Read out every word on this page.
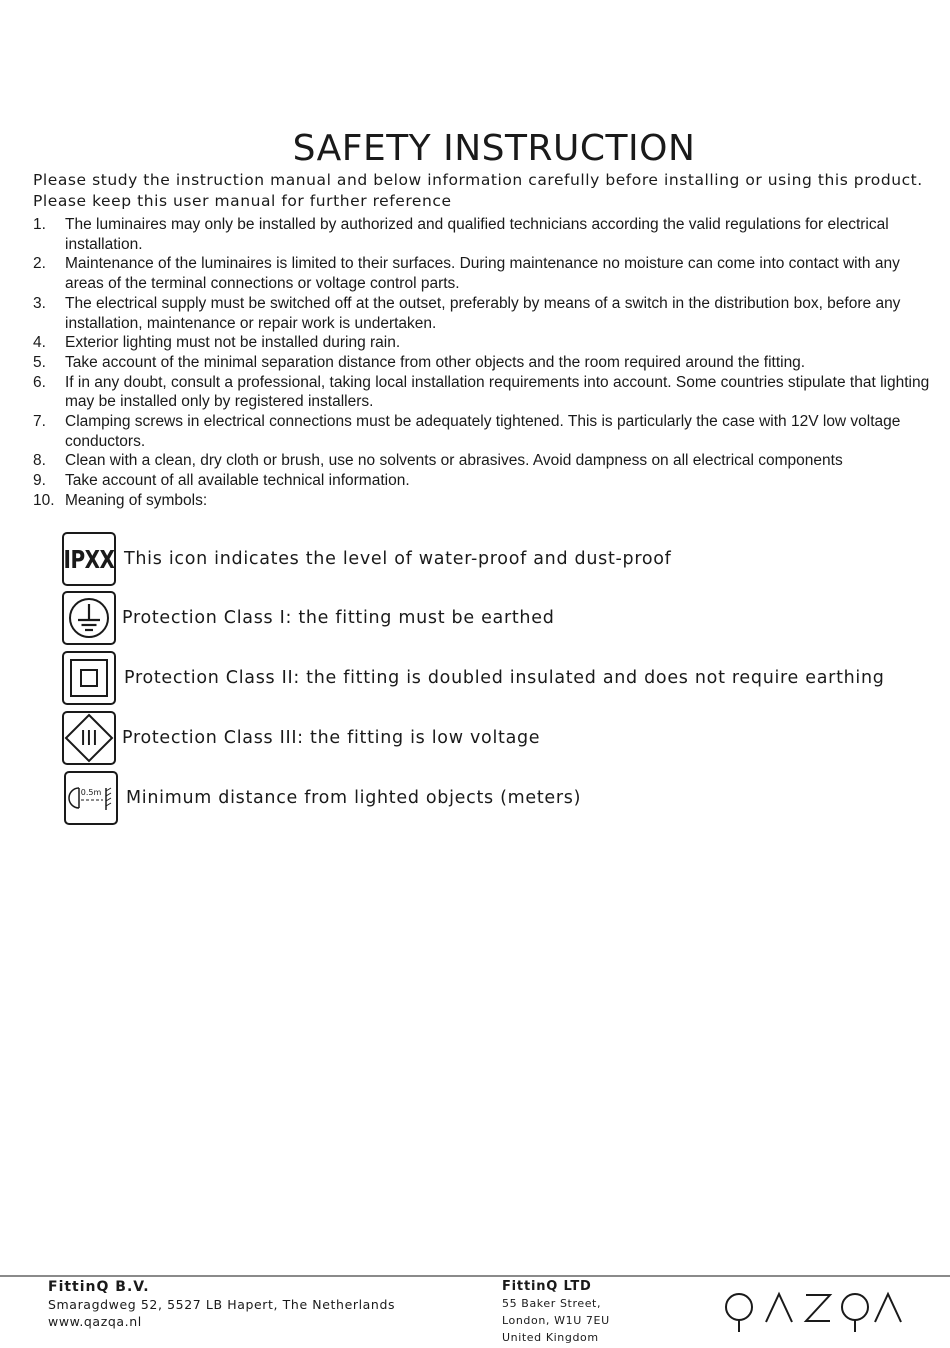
SAFETY INSTRUCTION
Please study the instruction manual and below information carefully before installing or using this product.
Please keep this user manual for further reference
1. The luminaires may only be installed by authorized and qualified technicians according the valid regulations for electrical installation.
2. Maintenance of the luminaires is limited to their surfaces. During maintenance no moisture can come into contact with any areas of the terminal connections or voltage control parts.
3. The electrical supply must be switched off at the outset, preferably by means of a switch in the distribution box, before any installation, maintenance or repair work is undertaken.
4. Exterior lighting must not be installed during rain.
5. Take account of the minimal separation distance from other objects and the room required around the fitting.
6. If in any doubt, consult a professional, taking local installation requirements into account. Some countries stipulate that lighting may be installed only by registered installers.
7. Clamping screws in electrical connections must be adequately tightened. This is particularly the case with 12V low voltage conductors.
8. Clean with a clean, dry cloth or brush, use no solvents or abrasives. Avoid dampness on all electrical components
9. Take account of all available technical information.
10. Meaning of symbols:
IPXX This icon indicates the level of water-proof and dust-proof
Protection Class I: the fitting must be earthed
Protection Class II: the fitting is doubled insulated and does not require earthing
III Protection Class III: the fitting is low voltage
0.5m Minimum distance from lighted objects (meters)
FittinQ B.V.
Smaragdweg 52, 5527 LB Hapert, The Netherlands
www.qazqa.nl
FittinQ LTD
55 Baker Street,
London, W1U 7EU
United Kingdom
